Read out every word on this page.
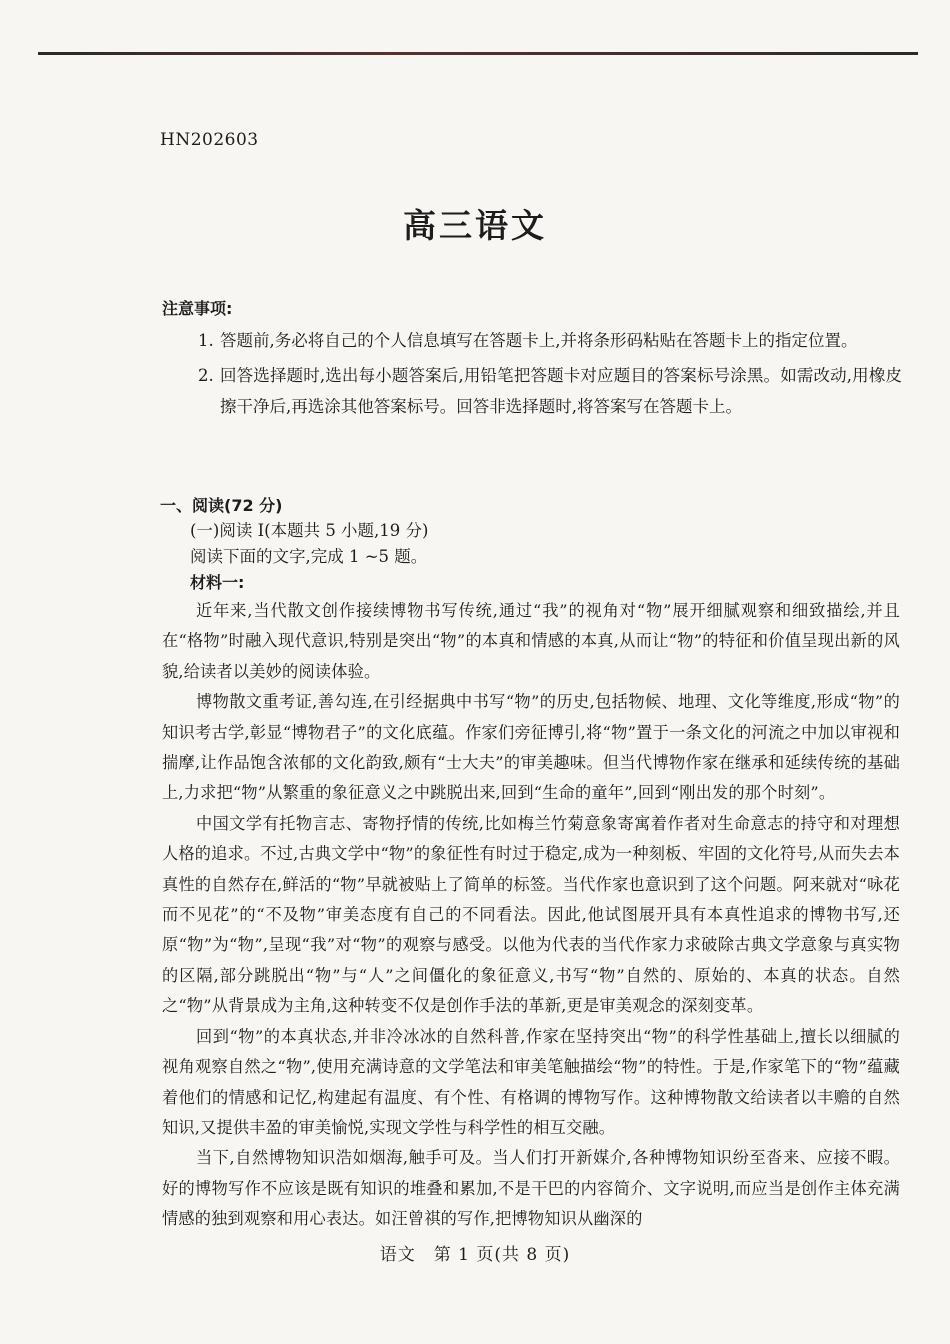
HN202603
高三语文
注意事项:
1. 答题前,务必将自己的个人信息填写在答题卡上,并将条形码粘贴在答题卡上的指定位置。
2. 回答选择题时,选出每小题答案后,用铅笔把答题卡对应题目的答案标号涂黑。如需改动,用橡皮擦干净后,再选涂其他答案标号。回答非选择题时,将答案写在答题卡上。
一、阅读(72 分)
(一)阅读 I(本题共 5 小题,19 分)
阅读下面的文字,完成 1 ~5 题。
材料一:

近年来,当代散文创作接续博物书写传统,通过“我”的视角对“物”展开细腻观察和细致描绘,并且在“格物”时融入现代意识,特别是突出“物”的本真和情感的本真,从而让“物”的特征和价值呈现出新的风貌,给读者以美妙的阅读体验。

博物散文重考证,善勾连,在引经据典中书写“物”的历史,包括物候、地理、文化等维度,形成“物”的知识考古学,彰显“博物君子”的文化底蕴。作家们旁征博引,将“物”置于一条文化的河流之中加以审视和揣摩,让作品饱含浓郁的文化韵致,颇有“士大夫”的审美趣味。但当代博物作家在继承和延续传统的基础上,力求把“物”从繁重的象征意义之中跳脱出来,回到“生命的童年”,回到“刚出发的那个时刻”。

中国文学有托物言志、寄物抒情的传统,比如梅兰竹菊意象寄寓着作者对生命意志的持守和对理想人格的追求。不过,古典文学中“物”的象征性有时过于稳定,成为一种刻板、牢固的文化符号,从而失去本真性的自然存在,鲜活的“物”早就被贴上了简单的标签。当代作家也意识到了这个问题。阿来就对“咏花而不见花”的“不及物”审美态度有自己的不同看法。因此,他试图展开具有本真性追求的博物书写,还原“物”为“物”,呈现“我”对“物”的观察与感受。以他为代表的当代作家力求破除古典文学意象与真实物的区隔,部分跳脱出“物”与“人”之间僵化的象征意义,书写“物”自然的、原始的、本真的状态。自然之“物”从背景成为主角,这种转变不仅是创作手法的革新,更是审美观念的深刻变革。

回到“物”的本真状态,并非冷冰冰的自然科普,作家在坚持突出“物”的科学性基础上,擅长以细腻的视角观察自然之“物”,使用充满诗意的文学笔法和审美笔触描绘“物”的特性。于是,作家笔下的“物”蕴藏着他们的情感和记忆,构建起有温度、有个性、有格调的博物写作。这种博物散文给读者以丰赡的自然知识,又提供丰盈的审美愉悦,实现文学性与科学性的相互交融。

当下,自然博物知识浩如烟海,触手可及。当人们打开新媒介,各种博物知识纷至沓来、应接不暇。好的博物写作不应该是既有知识的堆叠和累加,不是干巴的内容简介、文字说明,而应当是创作主体充满情感的独到观察和用心表达。如汪曾祺的写作,把博物知识从幽深的

语文　第 1 页(共 8 页)
